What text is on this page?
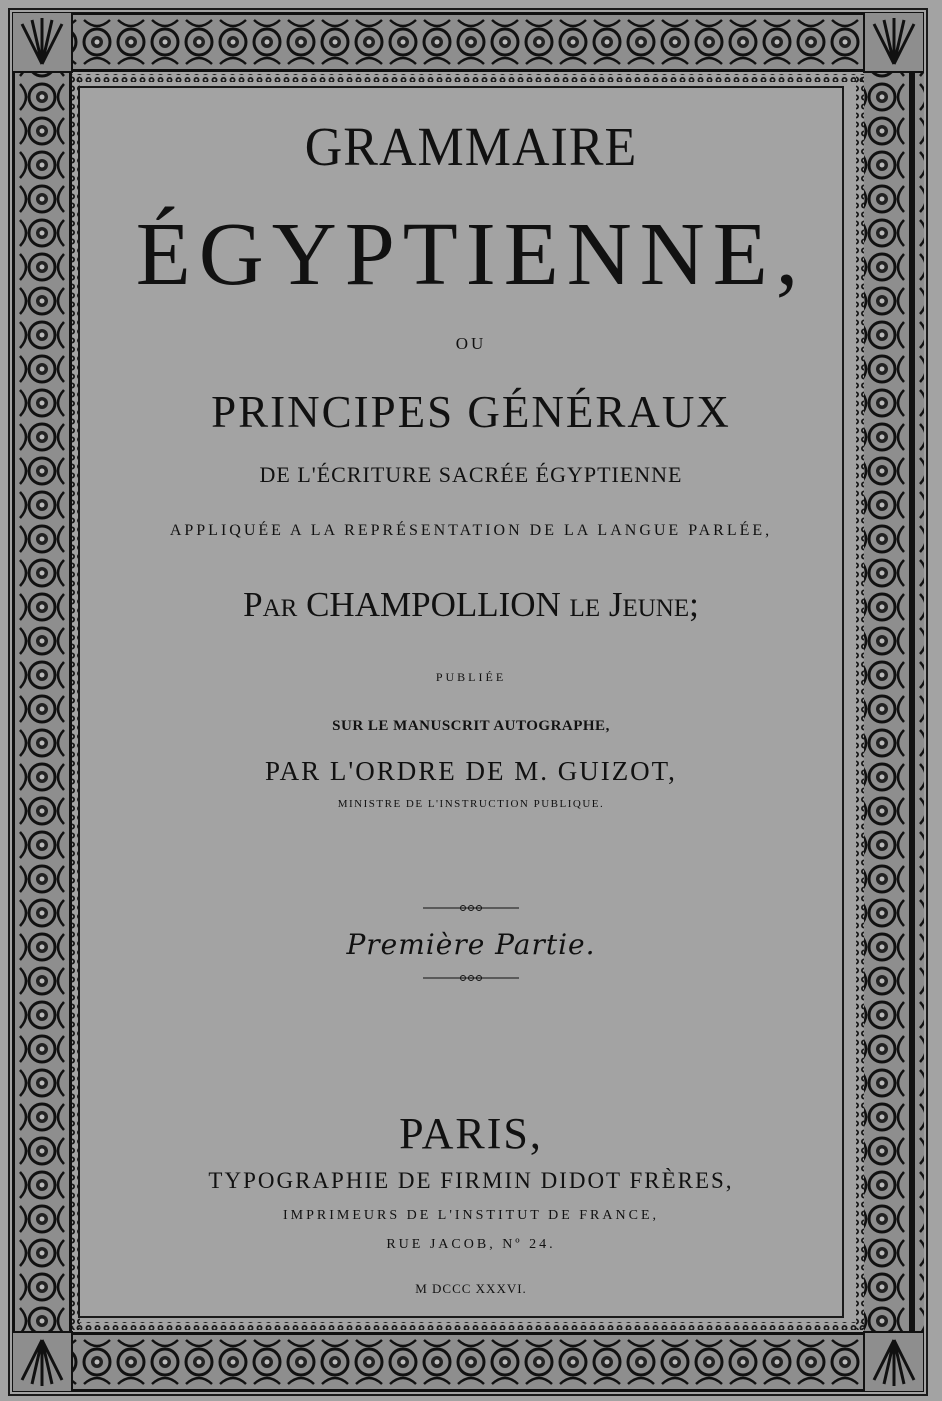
GRAMMAIRE
ÉGYPTIENNE,
OU
PRINCIPES GÉNÉRAUX
DE L'ÉCRITURE SACRÉE ÉGYPTIENNE
APPLIQUÉE A LA REPRÉSENTATION DE LA LANGUE PARLÉE,
Par CHAMPOLLION le Jeune;
PUBLIÉE
SUR LE MANUSCRIT AUTOGRAPHE,
PAR L'ORDRE DE M. GUIZOT,
MINISTRE DE L'INSTRUCTION PUBLIQUE.
Première Partie.
PARIS,
TYPOGRAPHIE DE FIRMIN DIDOT FRÈRES,
IMPRIMEURS DE L'INSTITUT DE FRANCE,
RUE JACOB, Nº 24.
M DCCC XXXVI.
